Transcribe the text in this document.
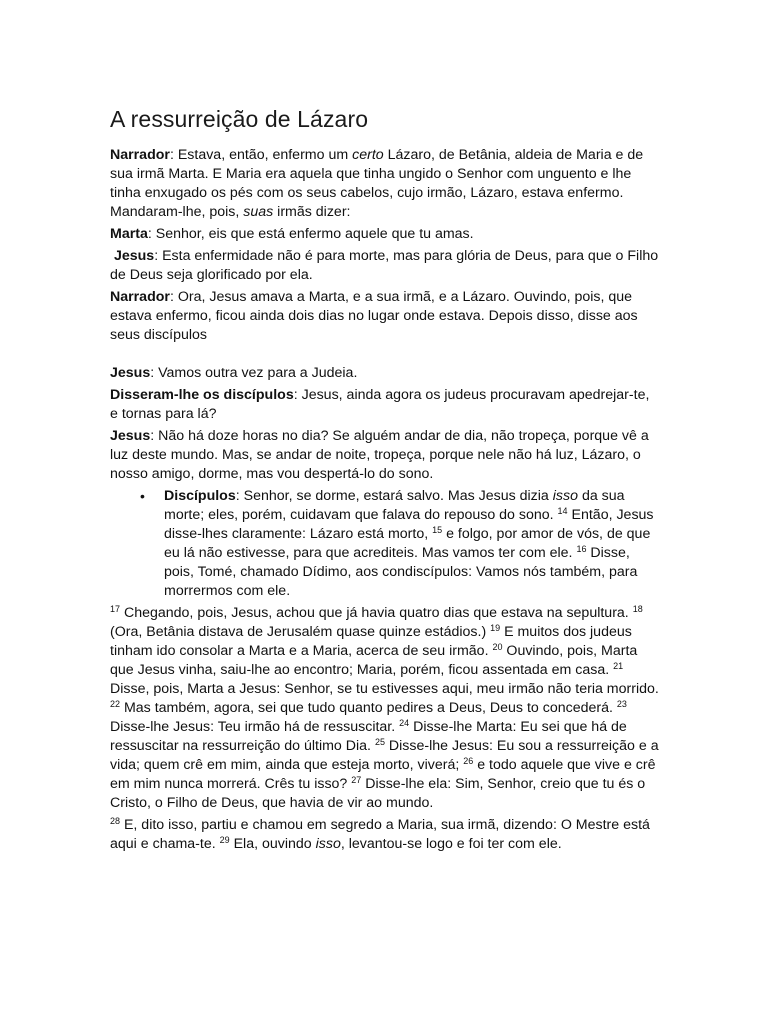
A ressurreição de Lázaro

Narrador: Estava, então, enfermo um certo Lázaro, de Betânia, aldeia de Maria e de sua irmã Marta. E Maria era aquela que tinha ungido o Senhor com unguento e lhe tinha enxugado os pés com os seus cabelos, cujo irmão, Lázaro, estava enfermo. Mandaram-lhe, pois, suas irmãs dizer:

Marta: Senhor, eis que está enfermo aquele que tu amas.

Jesus: Esta enfermidade não é para morte, mas para glória de Deus, para que o Filho de Deus seja glorificado por ela.

Narrador: Ora, Jesus amava a Marta, e a sua irmã, e a Lázaro. Ouvindo, pois, que estava enfermo, ficou ainda dois dias no lugar onde estava. Depois disso, disse aos seus discípulos

Jesus: Vamos outra vez para a Judeia.

Disseram-lhe os discípulos: Jesus, ainda agora os judeus procuravam apedrejar-te, e tornas para lá?

Jesus: Não há doze horas no dia? Se alguém andar de dia, não tropeça, porque vê a luz deste mundo. Mas, se andar de noite, tropeça, porque nele não há luz, Lázaro, o nosso amigo, dorme, mas vou despertá-lo do sono.

• Discípulos: Senhor, se dorme, estará salvo. Mas Jesus dizia isso da sua morte; eles, porém, cuidavam que falava do repouso do sono. $^{14}$ Então, Jesus disse-lhes claramente: Lázaro está morto, $^{15}$ e folgo, por amor de vós, de que eu lá não estivesse, para que acrediteis. Mas vamos ter com ele. $^{16}$ Disse, pois, Tomé, chamado Dídimo, aos condiscípulos: Vamos nós também, para morrermos com ele.

$^{17}$ Chegando, pois, Jesus, achou que já havia quatro dias que estava na sepultura. $^{18}$ (Ora, Betânia distava de Jerusalém quase quinze estádios.) $^{19}$ E muitos dos judeus tinham ido consolar a Marta e a Maria, acerca de seu irmão. $^{20}$ Ouvindo, pois, Marta que Jesus vinha, saiu-lhe ao encontro; Maria, porém, ficou assentada em casa. $^{21}$ Disse, pois, Marta a Jesus: Senhor, se tu estivesses aqui, meu irmão não teria morrido. $^{22}$ Mas também, agora, sei que tudo quanto pedires a Deus, Deus to concederá. $^{23}$ Disse-lhe Jesus: Teu irmão há de ressuscitar. $^{24}$ Disse-lhe Marta: Eu sei que há de ressuscitar na ressurreição do último Dia. $^{25}$ Disse-lhe Jesus: Eu sou a ressurreição e a vida; quem crê em mim, ainda que esteja morto, viverá; $^{26}$ e todo aquele que vive e crê em mim nunca morrerá. Crês tu isso? $^{27}$ Disse-lhe ela: Sim, Senhor, creio que tu és o Cristo, o Filho de Deus, que havia de vir ao mundo.

$^{28}$ E, dito isso, partiu e chamou em segredo a Maria, sua irmã, dizendo: O Mestre está aqui e chama-te. $^{29}$ Ela, ouvindo isso, levantou-se logo e foi ter com ele.
